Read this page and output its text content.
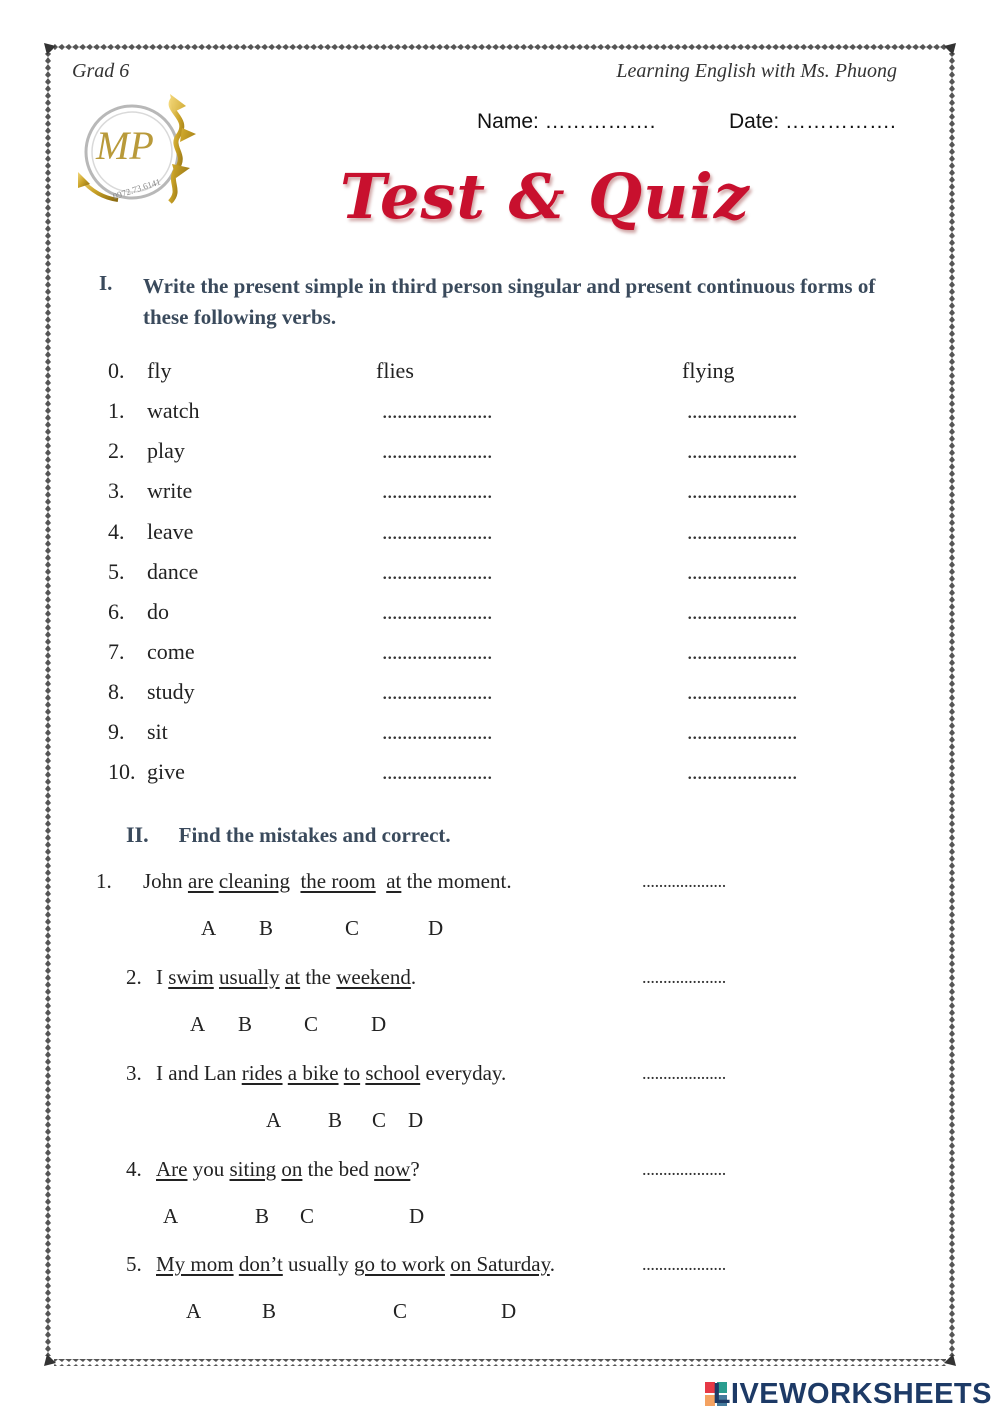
Grad 6	Learning English with Ms. Phuong
Name: …………….	Date: …………….
MP
0972.73.6141	Test & Quiz
I. Write the present simple in third person singular and present continuous forms of these following verbs.
0. fly	flies	flying
1. watch	......................	......................
2. play	......................	......................
3. write	......................	......................
4. leave	......................	......................
5. dance	......................	......................
6. do	......................	......................
7. come	......................	......................
8. study	......................	......................
9. sit	......................	......................
10. give	......................	......................
II. Find the mistakes and correct.
1. John are cleaning the room at the moment.	....................
A B	C	D
2. I swim usually at the weekend.	....................
A B C	D
3. I and Lan rides a bike to school everyday.	....................
A B C D
4. Are you siting on the bed now?	....................
A	B C	D
5. My mom don’t usually go to work on Saturday.	....................
A	B	C	D
LIVEWORKSHEETS
